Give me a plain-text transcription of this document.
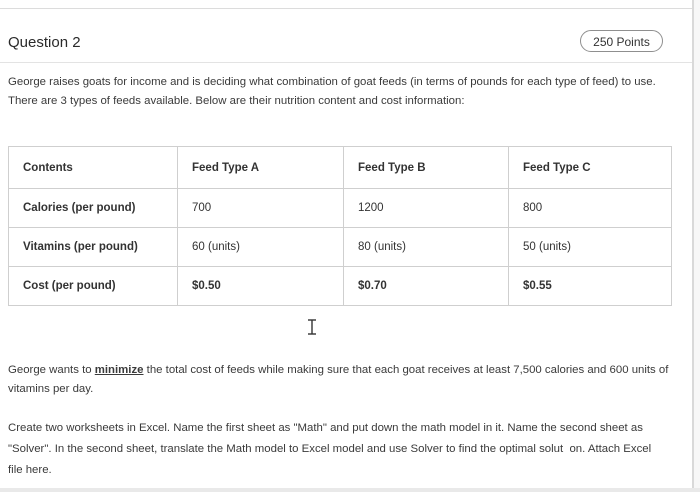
Question 2	250 Points
George raises goats for income and is deciding what combination of goat feeds (in terms of pounds for each type of feed) to use. There are 3 types of feeds available. Below are their nutrition content and cost information:
Contents	Feed Type A	Feed Type B	Feed Type C
Calories (per pound)	700	1200	800
Vitamins (per pound)	60 (units)	80 (units)	50 (units)
Cost (per pound)	$0.50	$0.70	$0.55
George wants to minimize the total cost of feeds while making sure that each goat receives at least 7,500 calories and 600 units of vitamins per day.
Create two worksheets in Excel. Name the first sheet as "Math" and put down the math model in it. Name the second sheet as "Solver". In the second sheet, translate the Math model to Excel model and use Solver to find the optimal solut  on. Attach Excel file here.
